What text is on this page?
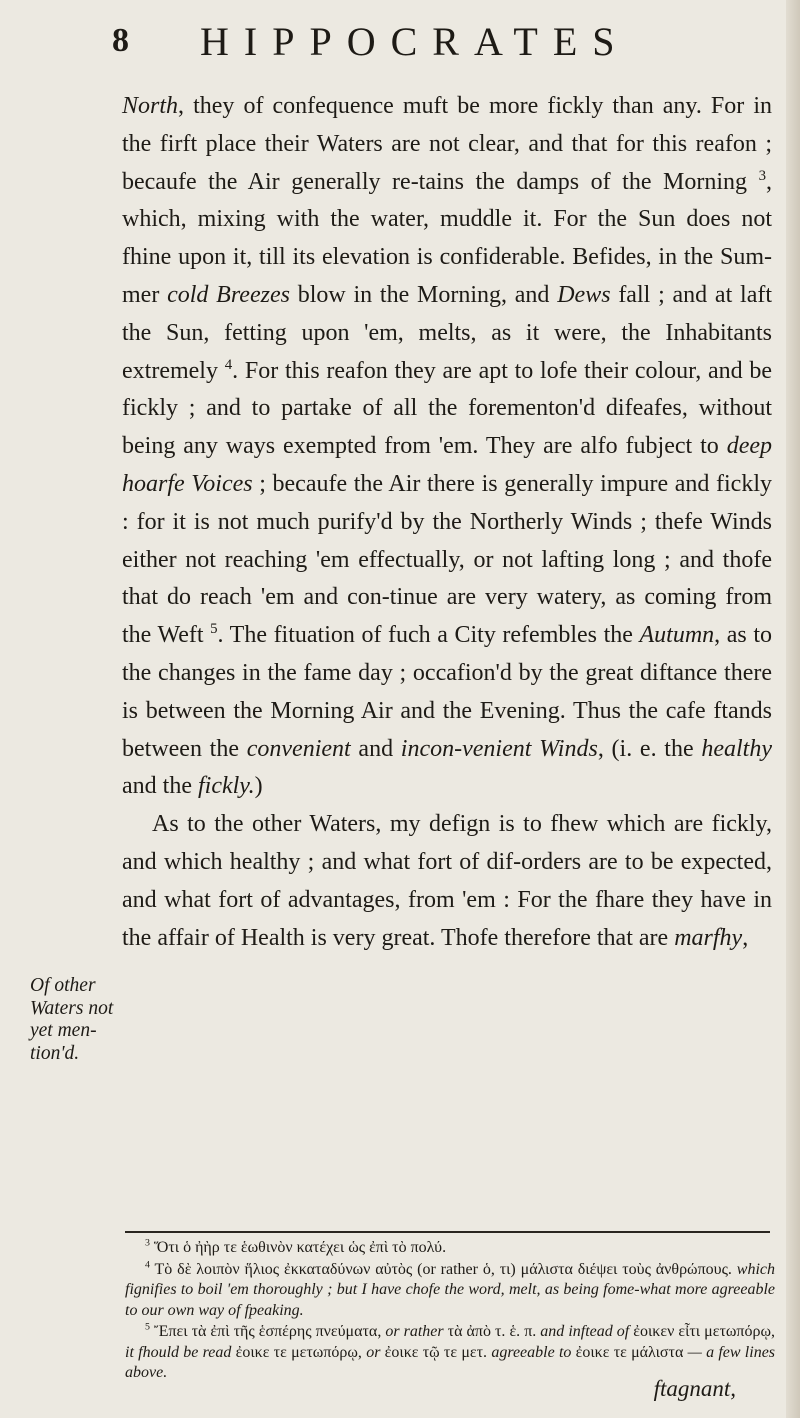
8 HIPPOCRATES

North, they of confequence muft be more fickly than any. For in the firft place their Waters are not clear, and that for this reafon ; becaufe the Air generally re-tains the damps of the Morning $^3$, which, mixing with the water, muddle it. For the Sun does not fhine upon it, till its elevation is confiderable. Befides, in the Sum-mer cold Breezes blow in the Morning, and Dews fall ; and at laft the Sun, fetting upon 'em, melts, as it were, the Inhabitants extremely $^4$. For this reafon they are apt to lofe their colour, and be fickly ; and to partake of all the forementon'd difeafes, without being any ways exempted from 'em. They are alfo fubject to deep hoarfe Voices ; becaufe the Air there is generally impure and fickly : for it is not much purify'd by the Northerly Winds ; thefe Winds either not reaching 'em effectually, or not lafting long ; and thofe that do reach 'em and con-tinue are very watery, as coming from the Weft $^5$. The fituation of fuch a City refembles the Autumn, as to the changes in the fame day ; occafion'd by the great diftance there is between the Morning Air and the Evening. Thus the cafe ftands between the convenient and incon-venient Winds, (i. e. the healthy and the fickly.)

As to the other Waters, my defign is to fhew which are fickly, and which healthy ; and what fort of dif-orders are to be expected, and what fort of advantages, from 'em : For the fhare they have in the affair of Health is very great. Thofe therefore that are marfhy,

Of other Waters not yet men-tion'd.

$^3$ Ὅτι ὁ ἠὴρ τε ἑωθινὸν κατέχει ὡς ἐπὶ τὸ πολύ.

$^4$ Τὸ δὲ λοιπὸν ἥλιος ἐκκαταδύνων αὐτὸς (or rather ὁ, τι) μάλιστα διέψει τοὺς ἀνθρώπους. which fignifies to boil 'em thoroughly ; but I have chofe the word, melt, as being fome-what more agreeable to our own way of fpeaking.

$^5$ Ἔπει τὰ ἐπὶ τῆς ἑσπέρης πνεύματα, or rather τὰ ἀπὸ τ. ἑ. π. and inftead of ἐοικεν εἶτι μετωπόρῳ, it fhould be read ἐοικε τε μετωπόρῳ, or ἐοικε τῷ τε μετ. agreeable to ἐοικε τε μάλιστα — a few lines above.

ftagnant,
